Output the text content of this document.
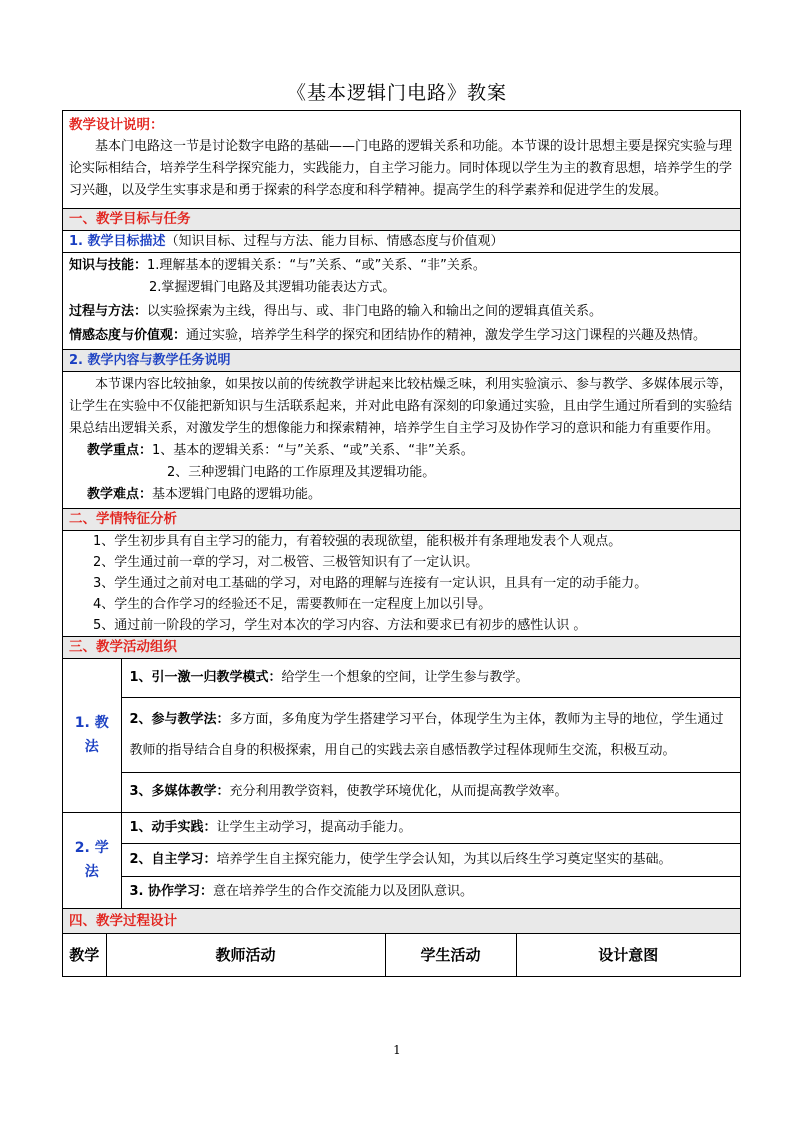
《基本逻辑门电路》教案
教学设计说明：

基本门电路这一节是讨论数字电路的基础——门电路的逻辑关系和功能。本节课的设计思想主要是探究实验与理论实际相结合，培养学生科学探究能力，实践能力，自主学习能力。同时体现以学生为主的教育思想，培养学生的学习兴趣，以及学生实事求是和勇于探索的科学态度和科学精神。提高学生的科学素养和促进学生的发展。

一、教学目标与任务
1. 教学目标描述（知识目标、过程与方法、能力目标、情感态度与价值观）

知识与技能：1.理解基本的逻辑关系：“与”关系、“或”关系、“非”关系。
2.掌握逻辑门电路及其逻辑功能表达方式。
过程与方法：以实验探索为主线，得出与、或、非门电路的输入和输出之间的逻辑真值关系。
情感态度与价值观：通过实验，培养学生科学的探究和团结协作的精神，激发学生学习这门课程的兴趣及热情。

2. 教学内容与教学任务说明

本节课内容比较抽象，如果按以前的传统教学讲起来比较枯燥乏味，利用实验演示、参与教学、多媒体展示等，让学生在实验中不仅能把新知识与生活联系起来，并对此电路有深刻的印象通过实验，且由学生通过所看到的实验结果总结出逻辑关系，对激发学生的想像能力和探索精神，培养学生自主学习及协作学习的意识和能力有重要作用。

教学重点：1、基本的逻辑关系：“与”关系、“或”关系、“非”关系。
2、三种逻辑门电路的工作原理及其逻辑功能。
教学难点：基本逻辑门电路的逻辑功能。

二、学情特征分析

1、学生初步具有自主学习的能力，有着较强的表现欲望，能积极并有条理地发表个人观点。
2、学生通过前一章的学习，对二极管、三极管知识有了一定认识。
3、学生通过之前对电工基础的学习，对电路的理解与连接有一定认识，且具有一定的动手能力。
4、学生的合作学习的经验还不足，需要教师在一定程度上加以引导。
5、通过前一阶段的学习，学生对本次的学习内容、方法和要求已有初步的感性认识 。

三、教学活动组织

1. 教法	1、引一激一归教学模式：给学生一个想象的空间，让学生参与教学。
2、参与教学法：多方面，多角度为学生搭建学习平台，体现学生为主体，教师为主导的地位，学生通过教师的指导结合自身的积极探索，用自己的实践去亲自感悟教学过程体现师生交流，积极互动。
3、多媒体教学：充分利用教学资料，使教学环境优化，从而提高教学效率。
2. 学法	1、动手实践：让学生主动学习，提高动手能力。
2、自主学习：培养学生自主探究能力，使学生学会认知，为其以后终生学习奠定坚实的基础。
3. 协作学习：意在培养学生的合作交流能力以及团队意识。

四、教学过程设计

教学	教师活动	学生活动	设计意图
1
